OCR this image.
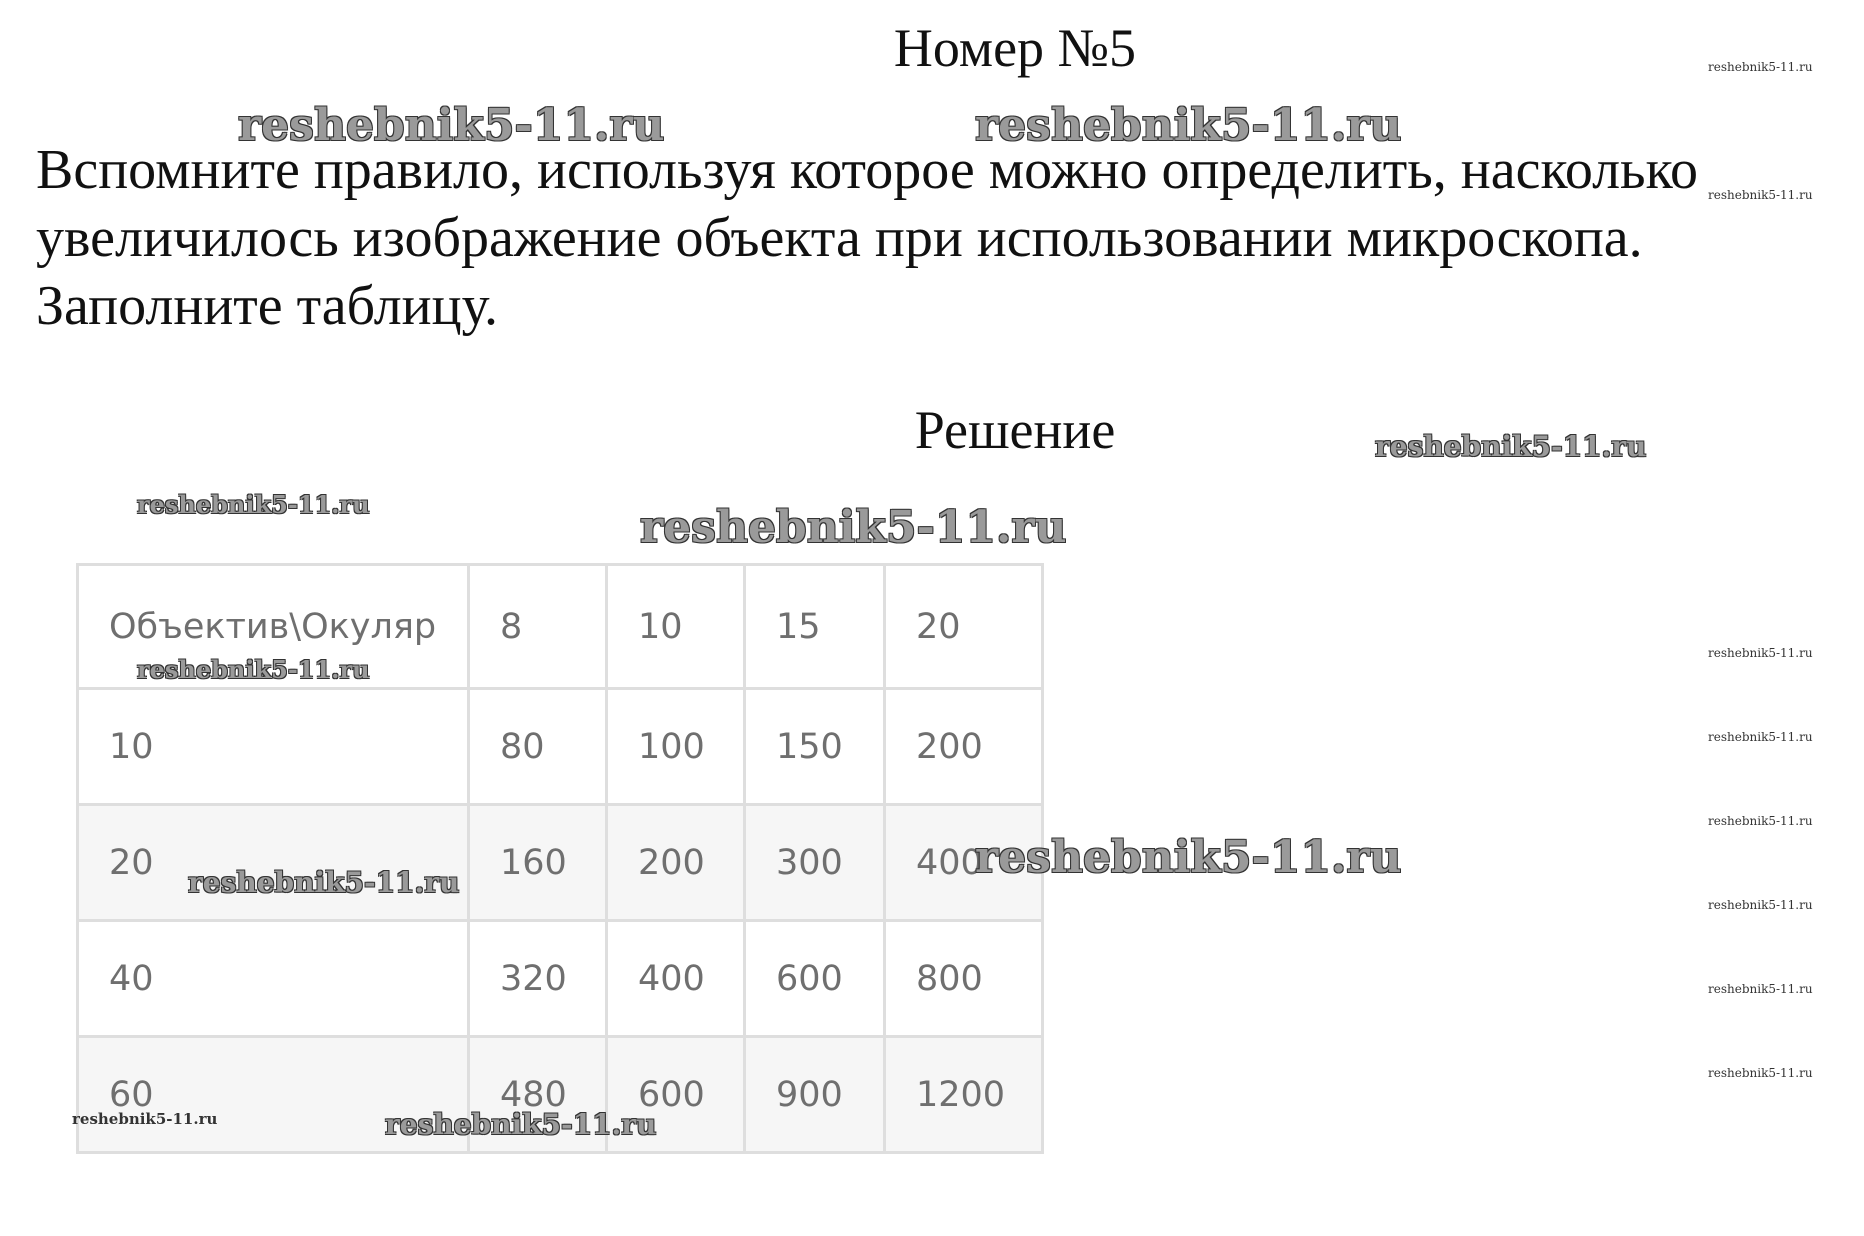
Номер №5
Вспомните правило, используя которое можно определить, насколько
увеличилось изображение объекта при использовании микроскопа.
Заполните таблицу.
Решение
Объектив\Окуляр	8	10	15	20
10	80	100	150	200
20	160	200	300	400
40	320	400	600	800
60	480	600	900	1200
reshebnik5-11.ru	reshebnik5-11.ru
reshebnik5-11.ru
reshebnik5-11.ru	reshebnik5-11.ru
reshebnik5-11.ru
reshebnik5-11.ru	reshebnik5-11.ru
reshebnik5-11.ru	reshebnik5-11.ru
reshebnik5-11.ru
reshebnik5-11.ru
reshebnik5-11.ru
reshebnik5-11.ru
reshebnik5-11.ru
reshebnik5-11.ru
reshebnik5-11.ru
reshebnik5-11.ru
